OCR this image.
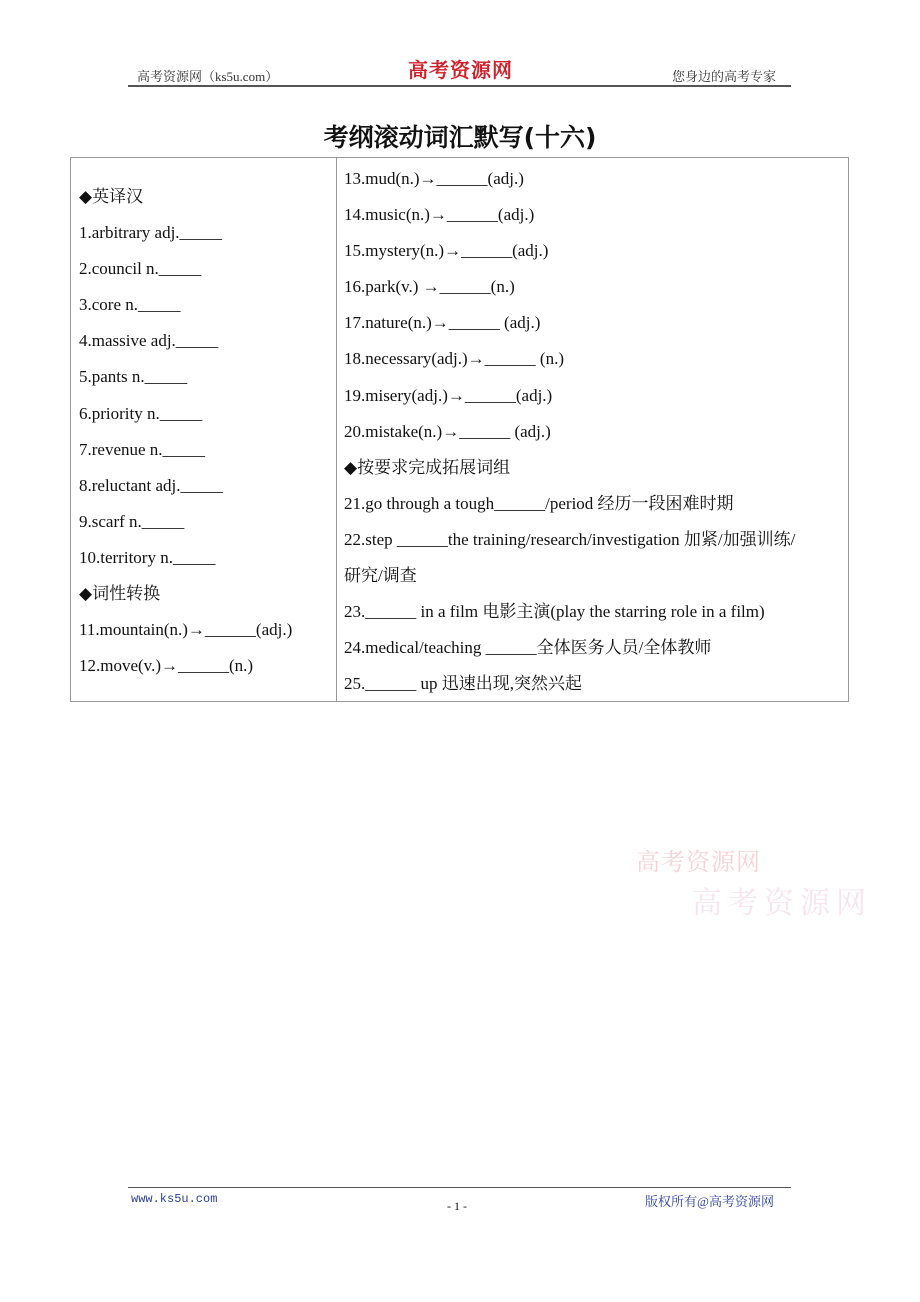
高考资源网（ks5u.com）	高考资源网	您身边的高考专家
考纲滚动词汇默写(十六)
◆英译汉
1.arbitrary adj._____
2.council n._____
3.core n._____
4.massive adj._____
5.pants n._____
6.priority n._____
7.revenue n._____
8.reluctant adj._____
9.scarf n._____
10.territory n._____
◆词性转换
11.mountain(n.)→______(adj.)
12.move(v.)→______(n.)
13.mud(n.)→______(adj.)
14.music(n.)→______(adj.)
15.mystery(n.)→______(adj.)
16.park(v.) →______(n.)
17.nature(n.)→______ (adj.)
18.necessary(adj.)→______ (n.)
19.misery(adj.)→______(adj.)
20.mistake(n.)→______ (adj.)
◆按要求完成拓展词组
21.go through a tough______/period 经历一段困难时期
22.step ______the training/research/investigation 加紧/加强训练/
研究/调查
23.______ in a film 电影主演(play the starring role in a film)
24.medical/teaching ______全体医务人员/全体教师
25.______ up 迅速出现,突然兴起
高考资源网
高考资源网
www.ks5u.com	- 1 -	版权所有@高考资源网
